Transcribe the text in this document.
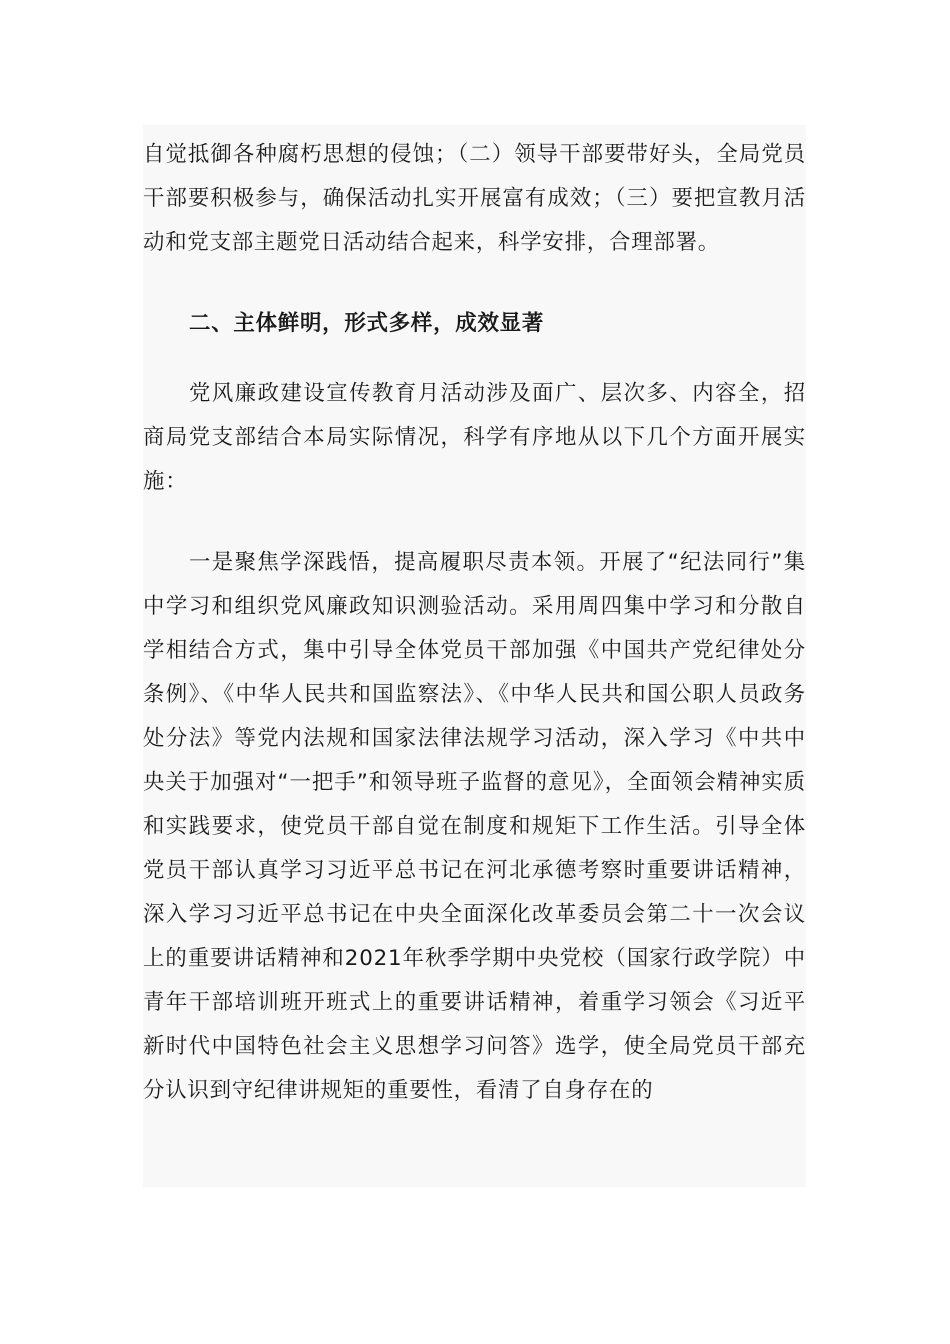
自觉抵御各种腐朽思想的侵蚀；（二）领导干部要带好头，全局党员干部要积极参与，确保活动扎实开展富有成效；（三）要把宣教月活动和党支部主题党日活动结合起来，科学安排，合理部署。

二、主体鲜明，形式多样，成效显著

党风廉政建设宣传教育月活动涉及面广、层次多、内容全，招商局党支部结合本局实际情况，科学有序地从以下几个方面开展实施：

一是聚焦学深践悟，提高履职尽责本领。开展了“纪法同行”集中学习和组织党风廉政知识测验活动。采用周四集中学习和分散自学相结合方式，集中引导全体党员干部加强《中国共产党纪律处分条例》、《中华人民共和国监察法》、《中华人民共和国公职人员政务处分法》等党内法规和国家法律法规学习活动，深入学习《中共中央关于加强对“一把手”和领导班子监督的意见》，全面领会精神实质和实践要求，使党员干部自觉在制度和规矩下工作生活。引导全体党员干部认真学习习近平总书记在河北承德考察时重要讲话精神，深入学习习近平总书记在中央全面深化改革委员会第二十一次会议上的重要讲话精神和2021年秋季学期中央党校（国家行政学院）中青年干部培训班开班式上的重要讲话精神，着重学习领会《习近平新时代中国特色社会主义思想学习问答》选学，使全局党员干部充分认识到守纪律讲规矩的重要性，看清了自身存在的
